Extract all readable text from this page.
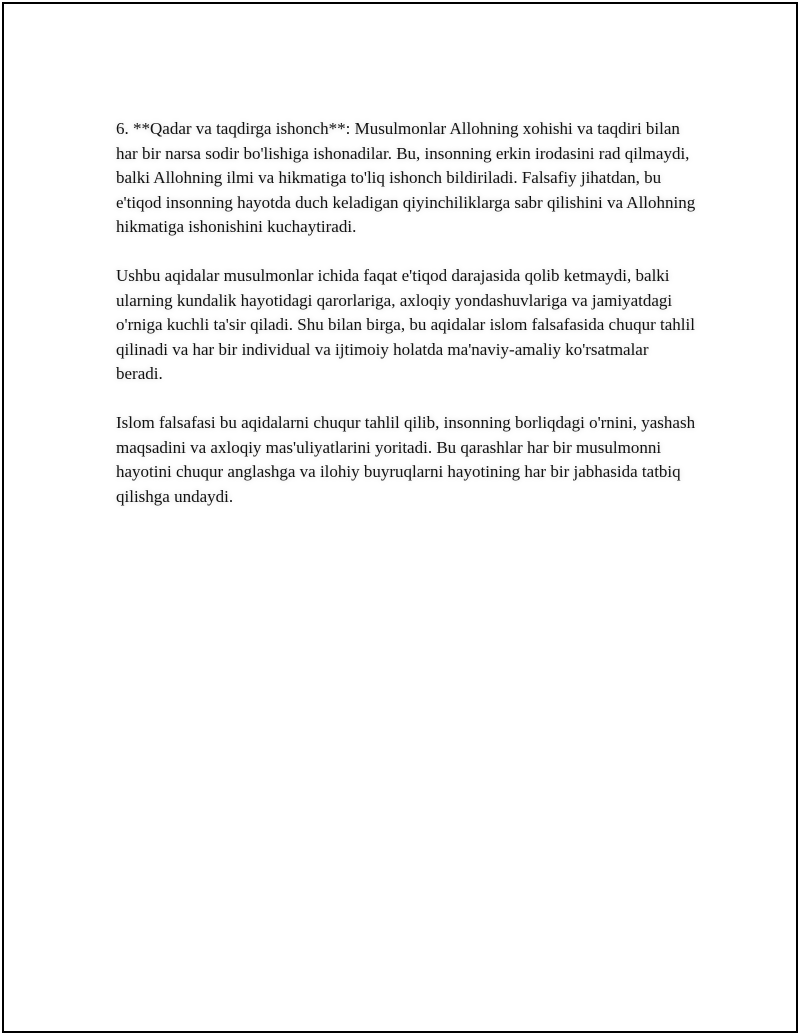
6. **Qadar va taqdirga ishonch**: Musulmonlar Allohning xohishi va taqdiri bilan har bir narsa sodir bo'lishiga ishonadilar. Bu, insonning erkin irodasini rad qilmaydi, balki Allohning ilmi va hikmatiga to'liq ishonch bildiriladi. Falsafiy jihatdan, bu e'tiqod insonning hayotda duch keladigan qiyinchiliklarga sabr qilishini va Allohning hikmatiga ishonishini kuchaytiradi.

Ushbu aqidalar musulmonlar ichida faqat e'tiqod darajasida qolib ketmaydi, balki ularning kundalik hayotidagi qarorlariga, axloqiy yondashuvlariga va jamiyatdagi o'rniga kuchli ta'sir qiladi. Shu bilan birga, bu aqidalar islom falsafasida chuqur tahlil qilinadi va har bir individual va ijtimoiy holatda ma'naviy-amaliy ko'rsatmalar beradi.

Islom falsafasi bu aqidalarni chuqur tahlil qilib, insonning borliqdagi o'rnini, yashash maqsadini va axloqiy mas'uliyatlarini yoritadi. Bu qarashlar har bir musulmonni hayotini chuqur anglashga va ilohiy buyruqlarni hayotining har bir jabhasida tatbiq qilishga undaydi.
